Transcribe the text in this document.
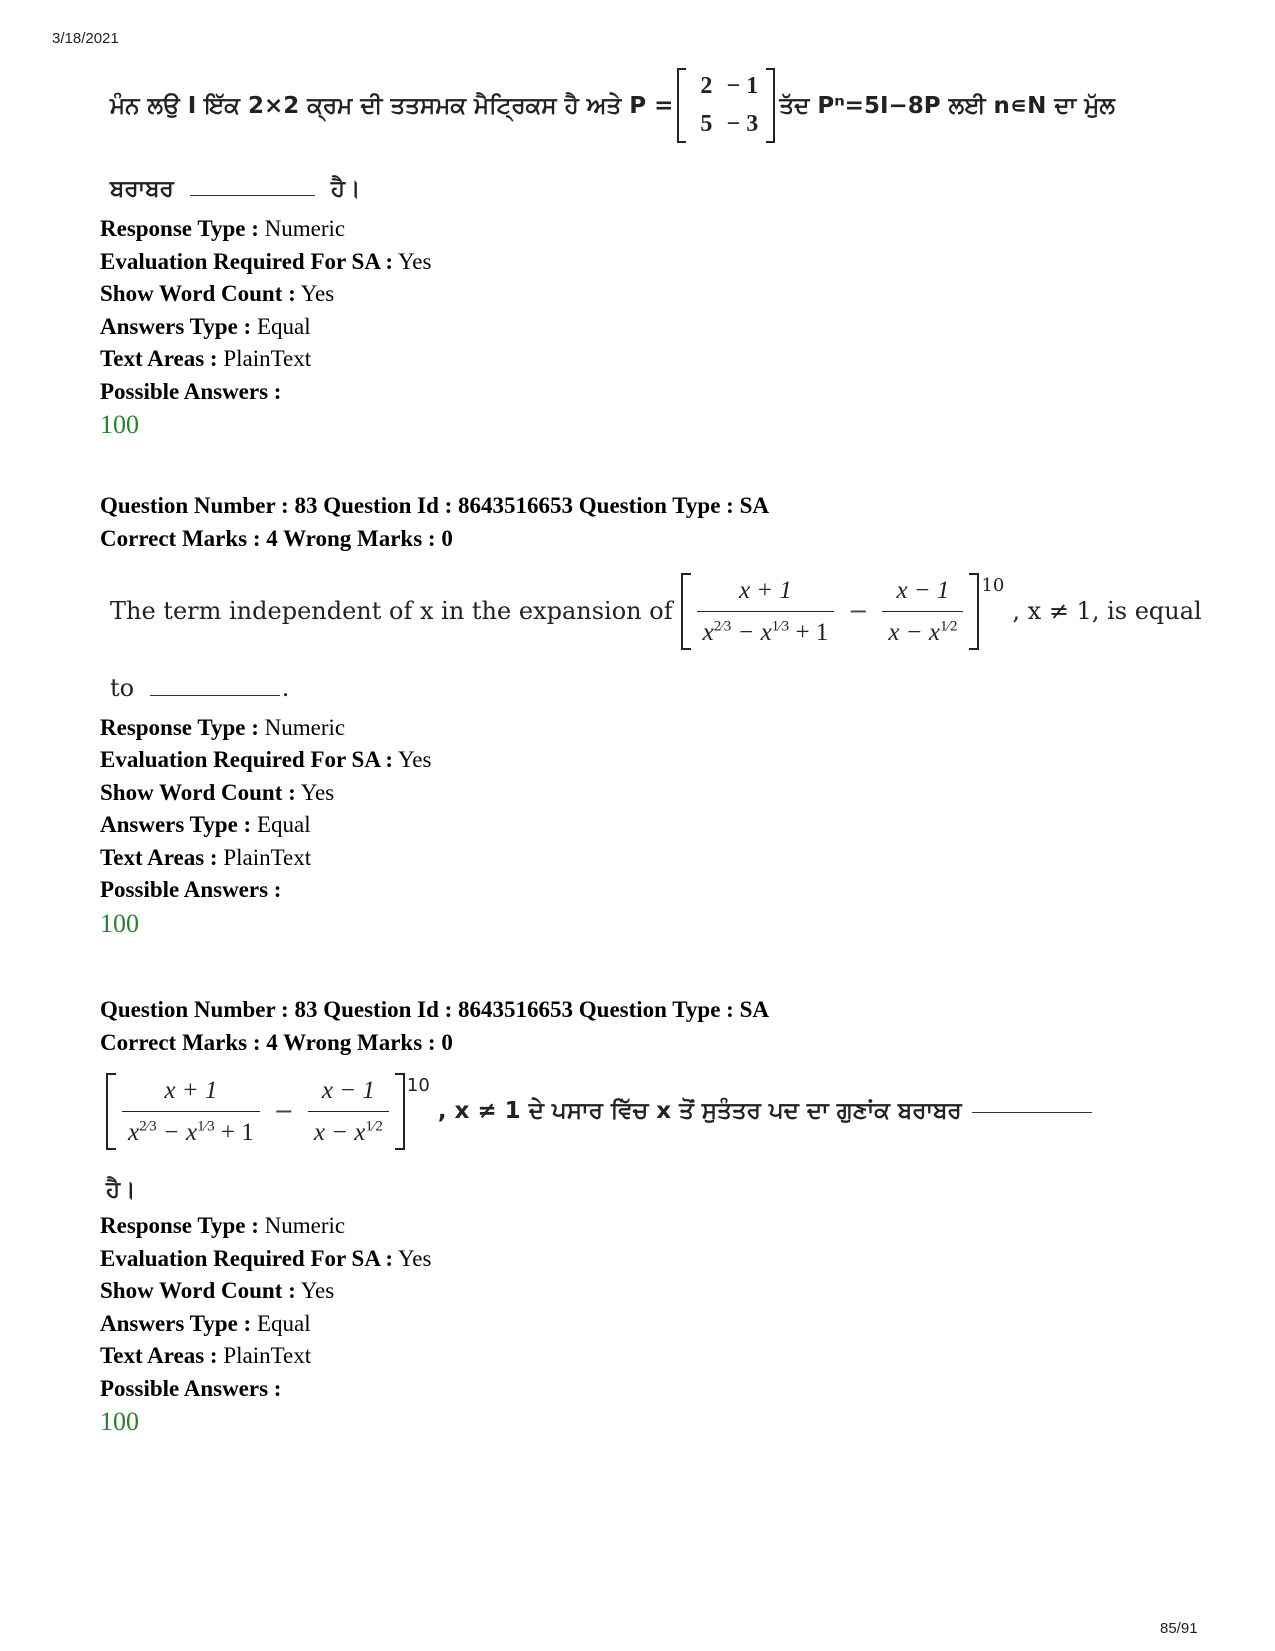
3/18/2021
ਮੰਨ ਲਉ I ਇੱਕ 2×2 ਕ੍ਰਮ ਦੀ ਤਤਸਮਕ ਮੈਟ੍ਰਿਕਸ ਹੈ ਅਤੇ P =
2 − 1
5 − 3
ਤੱਦ Pⁿ=5I−8P ਲਈ n∊N ਦਾ ਮੁੱਲ
ਬਰਾਬਰ	ਹੈ।
Response Type : Numeric
Evaluation Required For SA : Yes
Show Word Count : Yes
Answers Type : Equal
Text Areas : PlainText
Possible Answers :
100
Question Number : 83 Question Id : 8643516653 Question Type : SA
Correct Marks : 4 Wrong Marks : 0
The term independent of x in the expansion of $\frac{x + 1}{x^{2⁄3} - x^{1⁄3} + 1} - \frac{x - 1}{x - x^{1⁄2}} 10$
, x ≠ 1, is equal
to	.
Response Type : Numeric
Evaluation Required For SA : Yes
Show Word Count : Yes
Answers Type : Equal
Text Areas : PlainText
Possible Answers :
100
Question Number : 83 Question Id : 8643516653 Question Type : SA
Correct Marks : 4 Wrong Marks : 0
$\frac{x + 1}{x^{2⁄3} - x^{1⁄3} + 1} - \frac{x - 1}{x - x^{1⁄2}} 10$
, x ≠ 1 ਦੇ ਪਸਾਰ ਵਿੱਚ x ਤੋਂ ਸੁਤੰਤਰ ਪਦ ਦਾ ਗੁਣਾਂਕ ਬਰਾਬਰ
ਹੈ।
Response Type : Numeric
Evaluation Required For SA : Yes
Show Word Count : Yes
Answers Type : Equal
Text Areas : PlainText
Possible Answers :
100
85/91
